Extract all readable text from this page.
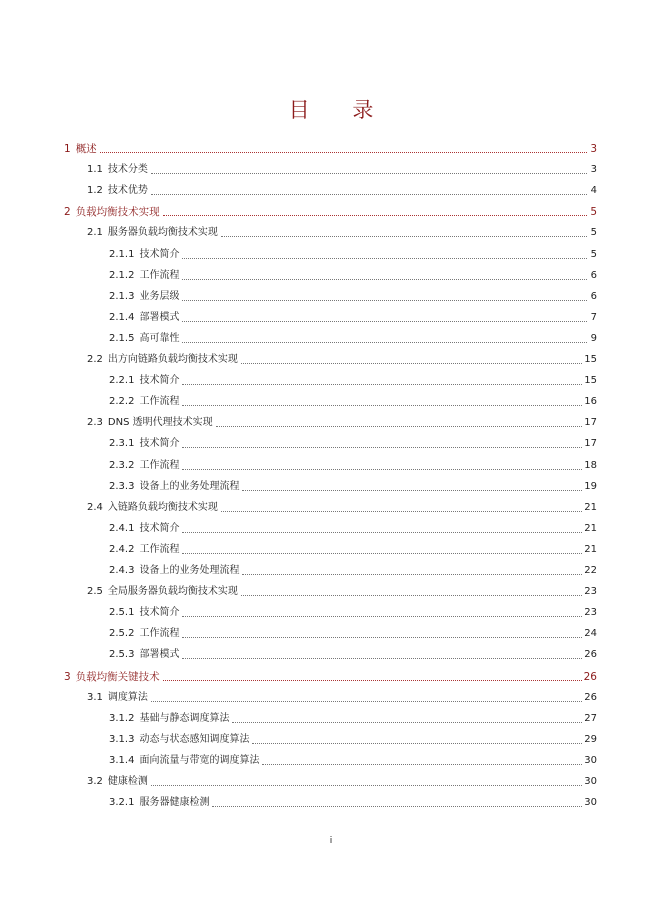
目 录
1 概述	3
1.1 技术分类	3
1.2 技术优势	4
2 负载均衡技术实现	5
2.1 服务器负载均衡技术实现	5
2.1.1 技术简介	5
2.1.2 工作流程	6
2.1.3 业务层级	6
2.1.4 部署模式	7
2.1.5 高可靠性	9
2.2 出方向链路负载均衡技术实现	15
2.2.1 技术简介	15
2.2.2 工作流程	16
2.3 DNS 透明代理技术实现	17
2.3.1 技术简介	17
2.3.2 工作流程	18
2.3.3 设备上的业务处理流程	19
2.4 入链路负载均衡技术实现	21
2.4.1 技术简介	21
2.4.2 工作流程	21
2.4.3 设备上的业务处理流程	22
2.5 全局服务器负载均衡技术实现	23
2.5.1 技术简介	23
2.5.2 工作流程	24
2.5.3 部署模式	26
3 负载均衡关键技术	26
3.1 调度算法	26
3.1.2 基础与静态调度算法	27
3.1.3 动态与状态感知调度算法	29
3.1.4 面向流量与带宽的调度算法	30
3.2 健康检测	30
3.2.1 服务器健康检测	30
i
